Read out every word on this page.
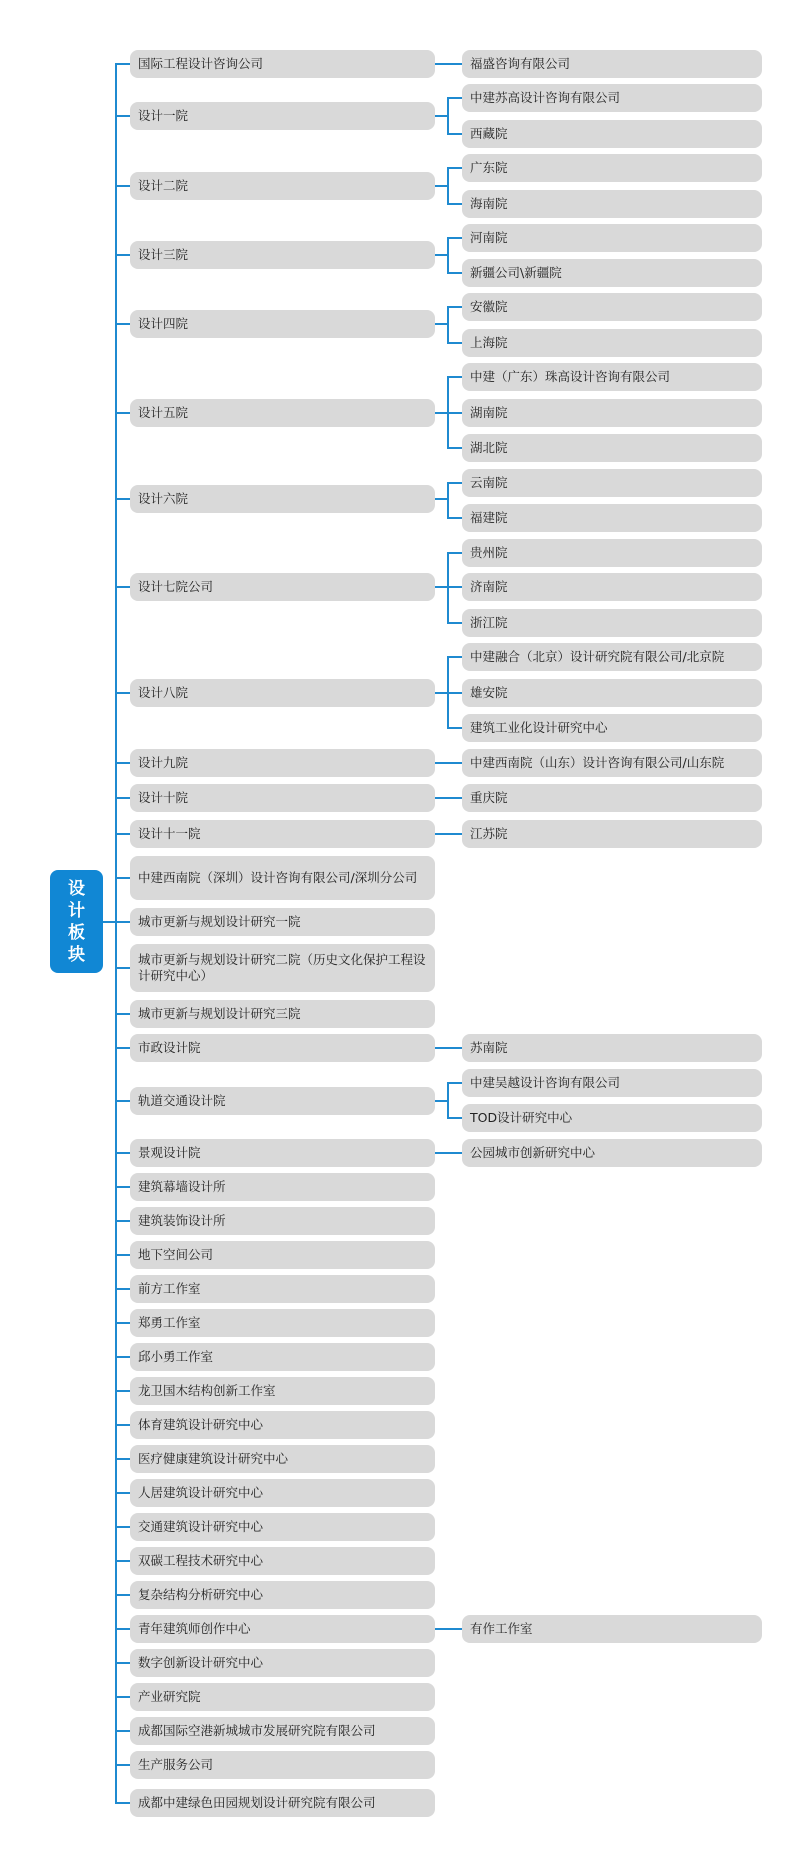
设
计
板
块
国际工程设计咨询公司	福盛咨询有限公司
设计一院
中建苏高设计咨询有限公司
西藏院
设计二院
广东院
海南院
设计三院
河南院
新疆公司\新疆院
设计四院
安徽院
上海院
设计五院
中建（广东）珠高设计咨询有限公司
湖南院
湖北院
设计六院
云南院
福建院
设计七院公司
贵州院
济南院
浙江院
设计八院
中建融合（北京）设计研究院有限公司/北京院
雄安院
建筑工业化设计研究中心
设计九院	中建西南院（山东）设计咨询有限公司/山东院
设计十院	重庆院
设计十一院	江苏院
中建西南院（深圳）设计咨询有限公司/深圳分公司
城市更新与规划设计研究一院
城市更新与规划设计研究二院（历史文化保护工程设计研究中心）
城市更新与规划设计研究三院
市政设计院	苏南院
轨道交通设计院
中建吴越设计咨询有限公司
TOD设计研究中心
景观设计院	公园城市创新研究中心
建筑幕墙设计所
建筑装饰设计所
地下空间公司
前方工作室
郑勇工作室
邱小勇工作室
龙卫国木结构创新工作室
体育建筑设计研究中心
医疗健康建筑设计研究中心
人居建筑设计研究中心
交通建筑设计研究中心
双碳工程技术研究中心
复杂结构分析研究中心
青年建筑师创作中心	有作工作室
数字创新设计研究中心
产业研究院
成都国际空港新城城市发展研究院有限公司
生产服务公司
成都中建绿色田园规划设计研究院有限公司
